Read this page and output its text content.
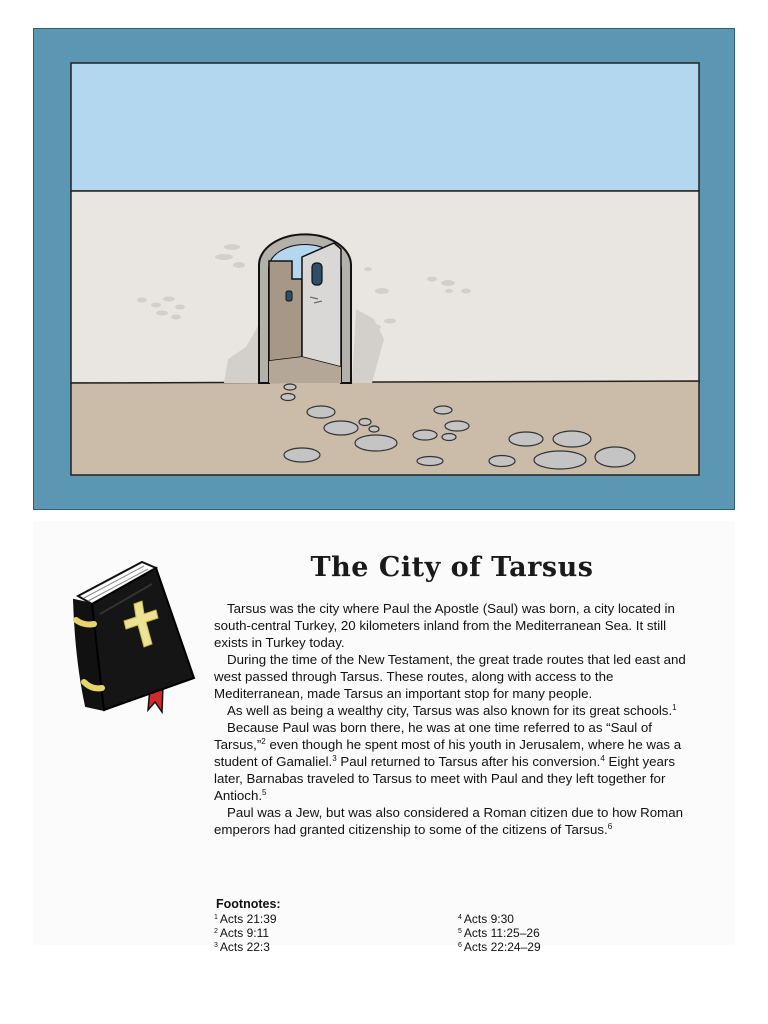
The City of Tarsus

Tarsus was the city where Paul the Apostle (Saul) was born, a city located in south-central Turkey, 20 kilometers inland from the Mediterranean Sea. It still exists in Turkey today.

During the time of the New Testament, the great trade routes that led east and west passed through Tarsus. These routes, along with access to the Mediterranean, made Tarsus an important stop for many people.

As well as being a wealthy city, Tarsus was also known for its great schools.$^1$

Because Paul was born there, he was at one time referred to as “Saul of Tarsus,”$^2$ even though he spent most of his youth in Jerusalem, where he was a student of Gamaliel.$^3$ Paul returned to Tarsus after his conversion.$^4$ Eight years later, Barnabas traveled to Tarsus to meet with Paul and they left together for Antioch.$^5$

Paul was a Jew, but was also considered a Roman citizen due to how Roman emperors had granted citizenship to some of the citizens of Tarsus.$^6$

Footnotes:
$^1$ Acts 21:39	$^4$ Acts 9:30
$^2$ Acts 9:11	$^5$ Acts 11:25–26
$^3$ Acts 22:3	$^6$ Acts 22:24–29
